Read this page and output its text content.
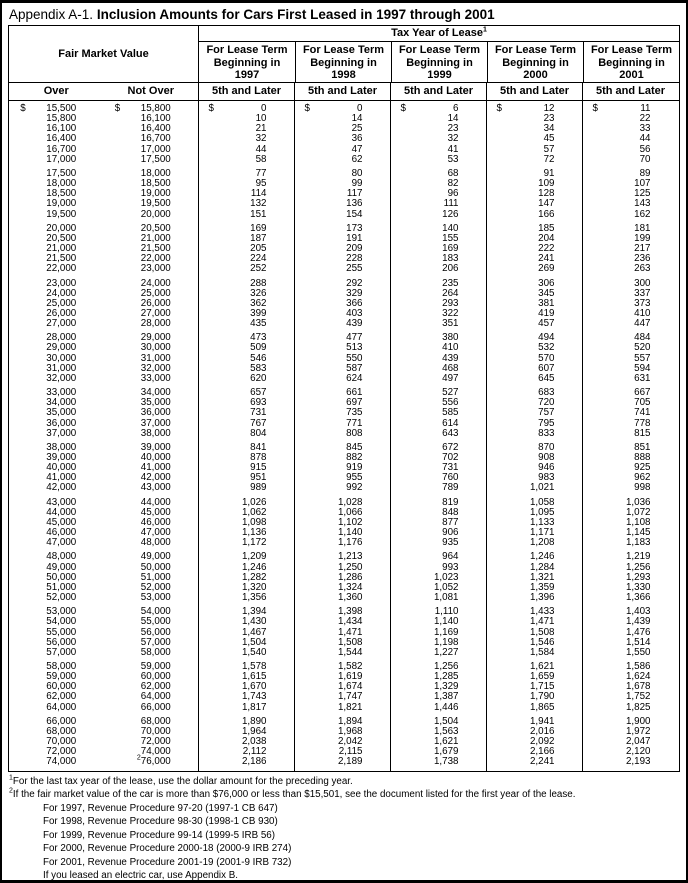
Appendix A-1. Inclusion Amounts for Cars First Leased in 1997 through 2001
Fair Market Value
Tax Year of Lease$^1$
For Lease Term
Beginning in
1997
For Lease Term
Beginning in
1998
For Lease Term
Beginning in
1999
For Lease Term
Beginning in
2000
For Lease Term
Beginning in
2001
Over	Not Over	5th and Later	5th and Later	5th and Later	5th and Later	5th and Later
$ 15,500	$ 15,800	$	0	$	0	$	6	$	12	$	11
15,800	16,100	10	14	14	23	22
16,100	16,400	21	25	23	34	33
16,400	16,700	32	36	32	45	44
16,700	17,000	44	47	41	57	56
17,000	17,500	58	62	53	72	70
17,500	18,000	77	80	68	91	89
18,000	18,500	95	99	82	109	107
18,500	19,000	114	117	96	128	125
19,000	19,500	132	136	111	147	143
19,500	20,000	151	154	126	166	162
20,000	20,500	169	173	140	185	181
20,500	21,000	187	191	155	204	199
21,000	21,500	205	209	169	222	217
21,500	22,000	224	228	183	241	236
22,000	23,000	252	255	206	269	263
23,000	24,000	288	292	235	306	300
24,000	25,000	326	329	264	345	337
25,000	26,000	362	366	293	381	373
26,000	27,000	399	403	322	419	410
27,000	28,000	435	439	351	457	447
28,000	29,000	473	477	380	494	484
29,000	30,000	509	513	410	532	520
30,000	31,000	546	550	439	570	557
31,000	32,000	583	587	468	607	594
32,000	33,000	620	624	497	645	631
33,000	34,000	657	661	527	683	667
34,000	35,000	693	697	556	720	705
35,000	36,000	731	735	585	757	741
36,000	37,000	767	771	614	795	778
37,000	38,000	804	808	643	833	815
38,000	39,000	841	845	672	870	851
39,000	40,000	878	882	702	908	888
40,000	41,000	915	919	731	946	925
41,000	42,000	951	955	760	983	962
42,000	43,000	989	992	789	1,021	998
43,000	44,000	1,026	1,028	819	1,058	1,036
44,000	45,000	1,062	1,066	848	1,095	1,072
45,000	46,000	1,098	1,102	877	1,133	1,108
46,000	47,000	1,136	1,140	906	1,171	1,145
47,000	48,000	1,172	1,176	935	1,208	1,183
48,000	49,000	1,209	1,213	964	1,246	1,219
49,000	50,000	1,246	1,250	993	1,284	1,256
50,000	51,000	1,282	1,286	1,023	1,321	1,293
51,000	52,000	1,320	1,324	1,052	1,359	1,330
52,000	53,000	1,356	1,360	1,081	1,396	1,366
53,000	54,000	1,394	1,398	1,110	1,433	1,403
54,000	55,000	1,430	1,434	1,140	1,471	1,439
55,000	56,000	1,467	1,471	1,169	1,508	1,476
56,000	57,000	1,504	1,508	1,198	1,546	1,514
57,000	58,000	1,540	1,544	1,227	1,584	1,550
58,000	59,000	1,578	1,582	1,256	1,621	1,586
59,000	60,000	1,615	1,619	1,285	1,659	1,624
60,000	62,000	1,670	1,674	1,329	1,715	1,678
62,000	64,000	1,743	1,747	1,387	1,790	1,752
64,000	66,000	1,817	1,821	1,446	1,865	1,825
66,000	68,000	1,890	1,894	1,504	1,941	1,900
68,000	70,000	1,964	1,968	1,563	2,016	1,972
70,000	72,000	2,038	2,042	1,621	2,092	2,047
72,000	74,000	2,112	2,115	1,679	2,166	2,120
74,000	$^2$76,000	2,186	2,189	1,738	2,241	2,193
$^1$For the last tax year of the lease, use the dollar amount for the preceding year.
$^2$If the fair market value of the car is more than $76,000 or less than $15,501, see the document listed for the first year of the lease.
For 1997, Revenue Procedure 97-20 (1997-1 CB 647)
For 1998, Revenue Procedure 98-30 (1998-1 CB 930)
For 1999, Revenue Procedure 99-14 (1999-5 IRB 56)
For 2000, Revenue Procedure 2000-18 (2000-9 IRB 274)
For 2001, Revenue Procedure 2001-19 (2001-9 IRB 732)
If you leased an electric car, use Appendix B.
